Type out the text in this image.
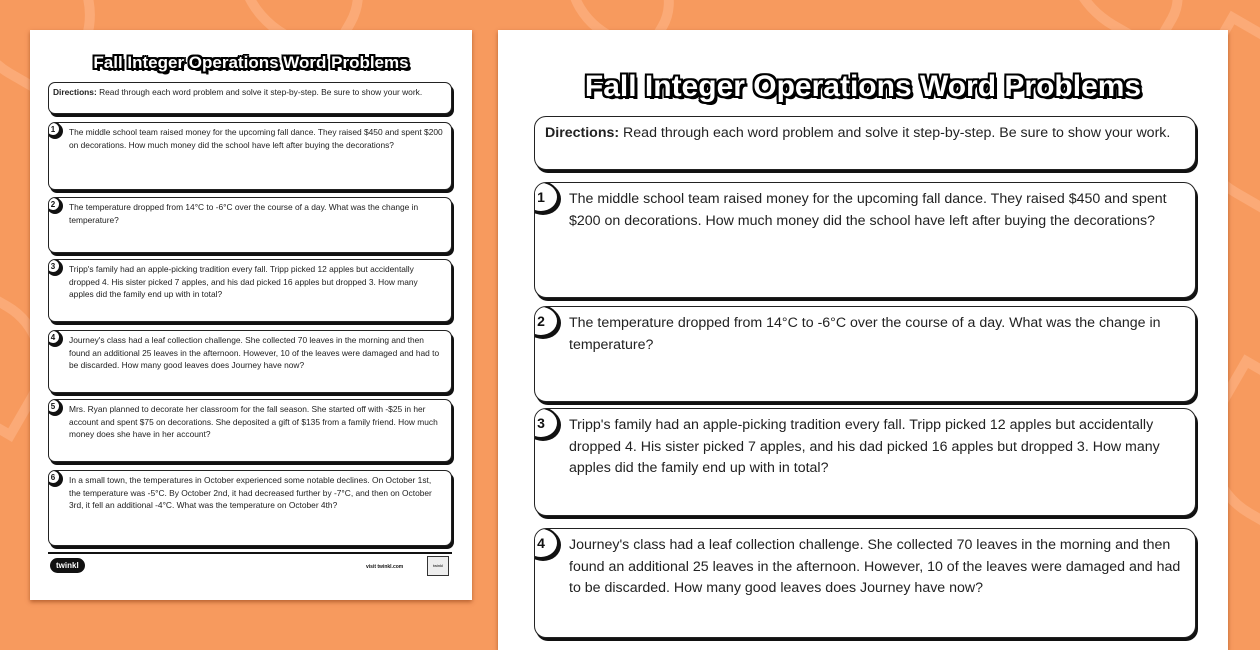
Fall Integer Operations Word Problems
Directions: Read through each word problem and solve it step-by-step. Be sure to show your work.
1	The middle school team raised money for the upcoming fall dance. They raised $450 and spent $200 on decorations. How much money did the school have left after buying the decorations?
2	The temperature dropped from 14°C to -6°C over the course of a day. What was the change in temperature?
3	Tripp's family had an apple-picking tradition every fall. Tripp picked 12 apples but accidentally dropped 4. His sister picked 7 apples, and his dad picked 16 apples but dropped 3. How many apples did the family end up with in total?
4	Journey's class had a leaf collection challenge. She collected 70 leaves in the morning and then found an additional 25 leaves in the afternoon. However, 10 of the leaves were damaged and had to be discarded. How many good leaves does Journey have now?
5	Mrs. Ryan planned to decorate her classroom for the fall season. She started off with -$25 in her account and spent $75 on decorations. She deposited a gift of $135 from a family friend. How much money does she have in her account?
6	In a small town, the temperatures in October experienced some notable declines. On October 1st, the temperature was -5°C. By October 2nd, it had decreased further by -7°C, and then on October 3rd, it fell an additional -4°C. What was the temperature on October 4th?
twinkl	visit twinkl.com	twinkl
Fall Integer Operations Word Problems
Directions: Read through each word problem and solve it step-by-step. Be sure to show your work.
1	The middle school team raised money for the upcoming fall dance. They raised $450 and spent $200 on decorations. How much money did the school have left after buying the decorations?
2	The temperature dropped from 14°C to -6°C over the course of a day. What was the change in temperature?
3	Tripp's family had an apple-picking tradition every fall. Tripp picked 12 apples but accidentally dropped 4. His sister picked 7 apples, and his dad picked 16 apples but dropped 3. How many apples did the family end up with in total?
4	Journey's class had a leaf collection challenge. She collected 70 leaves in the morning and then found an additional 25 leaves in the afternoon. However, 10 of the leaves were damaged and had to be discarded. How many good leaves does Journey have now?
